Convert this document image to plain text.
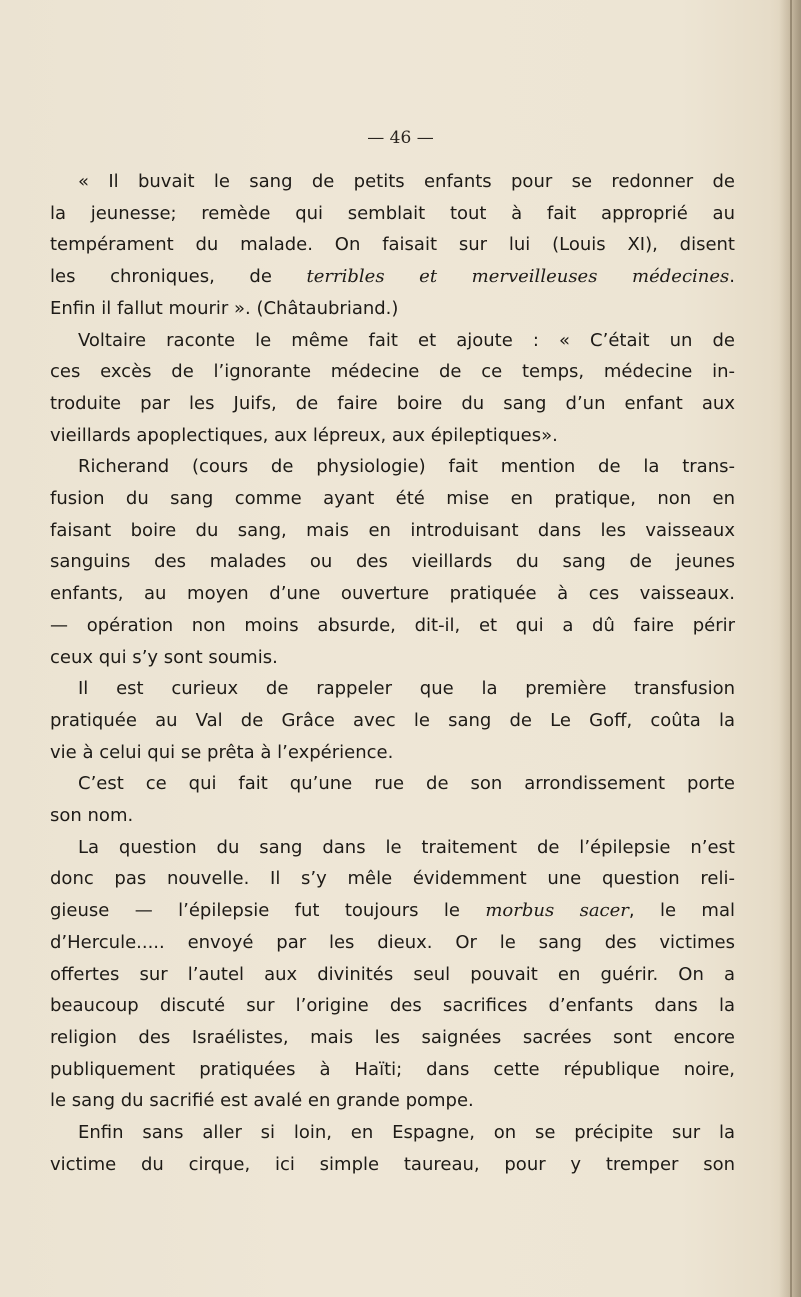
— 46 —

« Il buvait le sang de petits enfants pour se redonner de
la jeunesse; remède qui semblait tout à fait approprié au
tempérament du malade. On faisait sur lui (Louis XI), disent
les chroniques, de terribles et merveilleuses médecines.
Enfin il fallut mourir ». (Châtaubriand.)
Voltaire raconte le même fait et ajoute : « C’était un de
ces excès de l’ignorante médecine de ce temps, médecine in-
troduite par les Juifs, de faire boire du sang d’un enfant aux
vieillards apoplectiques, aux lépreux, aux épileptiques».
Richerand (cours de physiologie) fait mention de la trans-
fusion du sang comme ayant été mise en pratique, non en
faisant boire du sang, mais en introduisant dans les vaisseaux
sanguins des malades ou des vieillards du sang de jeunes
enfants, au moyen d’une ouverture pratiquée à ces vaisseaux.
— opération non moins absurde, dit-il, et qui a dû faire périr
ceux qui s’y sont soumis.
Il est curieux de rappeler que la première transfusion
pratiquée au Val de Grâce avec le sang de Le Goff, coûta la
vie à celui qui se prêta à l’expérience.
C’est ce qui fait qu’une rue de son arrondissement porte
son nom.
La question du sang dans le traitement de l’épilepsie n’est
donc pas nouvelle. Il s’y mêle évidemment une question reli-
gieuse — l’épilepsie fut toujours le morbus sacer, le mal
d’Hercule..... envoyé par les dieux. Or le sang des victimes
offertes sur l’autel aux divinités seul pouvait en guérir. On a
beaucoup discuté sur l’origine des sacrifices d’enfants dans la
religion des Israélistes, mais les saignées sacrées sont encore
publiquement pratiquées à Haïti; dans cette république noire,
le sang du sacrifié est avalé en grande pompe.
Enfin sans aller si loin, en Espagne, on se précipite sur la
victime du cirque, ici simple taureau, pour y tremper son
